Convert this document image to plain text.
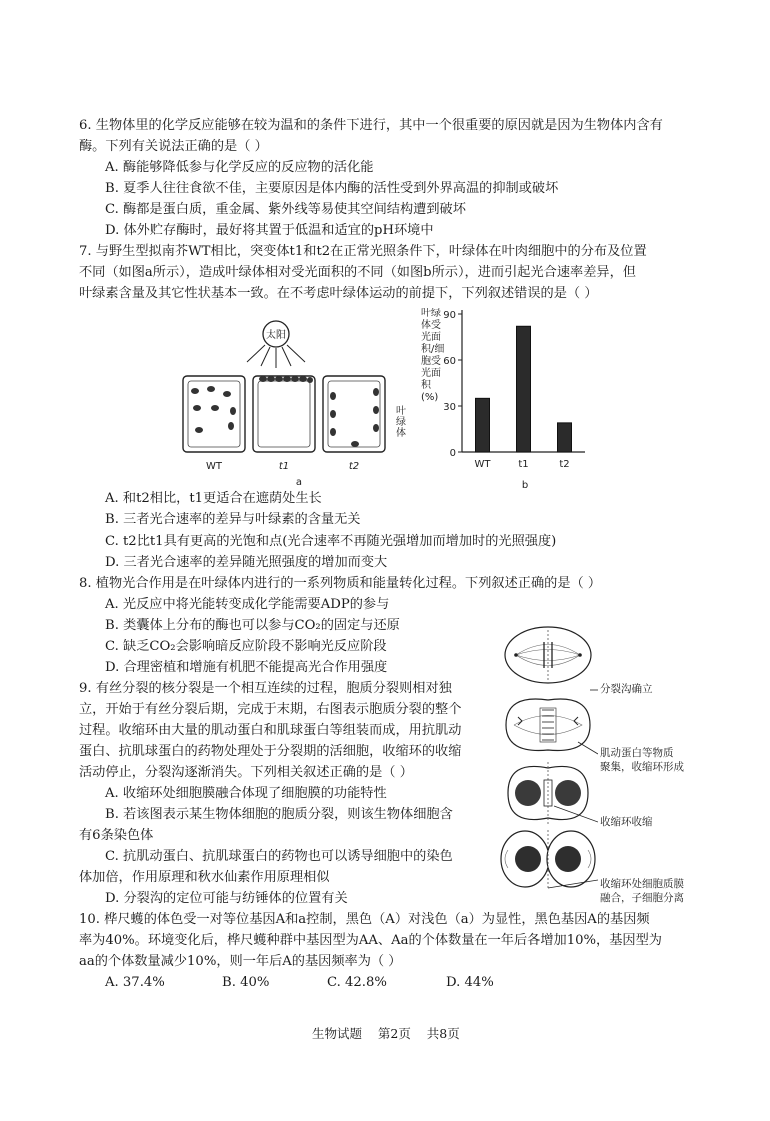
6. 生物体里的化学反应能够在较为温和的条件下进行，其中一个很重要的原因就是因为生物体内含有
酶。下列有关说法正确的是（ ）
A. 酶能够降低参与化学反应的反应物的活化能
B. 夏季人往往食欲不佳，主要原因是体内酶的活性受到外界高温的抑制或破坏
C. 酶都是蛋白质，重金属、紫外线等易使其空间结构遭到破坏
D. 体外贮存酶时，最好将其置于低温和适宜的pH环境中
7. 与野生型拟南芥WT相比，突变体t1和t2在正常光照条件下，叶绿体在叶肉细胞中的分布及位置
不同（如图a所示），造成叶绿体相对受光面积的不同（如图b所示），进而引起光合速率差异，但
叶绿素含量及其它性状基本一致。在不考虑叶绿体运动的前提下，下列叙述错误的是（ ）
太阳
WT	t1	t2
a
叶绿体
叶绿体受光面积/细胞受光面积(%)
0
30
60
90
WT	t1	t2
b
A. 和t2相比，t1更适合在遮荫处生长
B. 三者光合速率的差异与叶绿素的含量无关
C. t2比t1具有更高的光饱和点(光合速率不再随光强增加而增加时的光照强度)
D. 三者光合速率的差异随光照强度的增加而变大
8. 植物光合作用是在叶绿体内进行的一系列物质和能量转化过程。下列叙述正确的是（ ）
A. 光反应中将光能转变成化学能需要ADP的参与
B. 类囊体上分布的酶也可以参与CO₂的固定与还原
C. 缺乏CO₂会影响暗反应阶段不影响光反应阶段
D. 合理密植和增施有机肥不能提高光合作用强度
9. 有丝分裂的核分裂是一个相互连续的过程，胞质分裂则相对独
立，开始于有丝分裂后期，完成于末期，右图表示胞质分裂的整个
过程。收缩环由大量的肌动蛋白和肌球蛋白等组装而成，用抗肌动
蛋白、抗肌球蛋白的药物处理处于分裂期的活细胞，收缩环的收缩
活动停止，分裂沟逐渐消失。下列相关叙述正确的是（ ）
A. 收缩环处细胞膜融合体现了细胞膜的功能特性
B. 若该图表示某生物体细胞的胞质分裂，则该生物体细胞含
有6条染色体
C. 抗肌动蛋白、抗肌球蛋白的药物也可以诱导细胞中的染色
体加倍，作用原理和秋水仙素作用原理相似
D. 分裂沟的定位可能与纺锤体的位置有关
分裂沟确立
肌动蛋白等物质
聚集，收缩环形成
收缩环收缩
收缩环处细胞质膜
融合，子细胞分离
10. 桦尺蠖的体色受一对等位基因A和a控制，黑色（A）对浅色（a）为显性，黑色基因A的基因频
率为40%。环境变化后，桦尺蠖种群中基因型为AA、Aa的个体数量在一年后各增加10%，基因型为
aa的个体数量减少10%，则一年后A的基因频率为（ ）
A. 37.4%	B. 40%	C. 42.8%	D. 44%
生物试题    第2页    共8页
